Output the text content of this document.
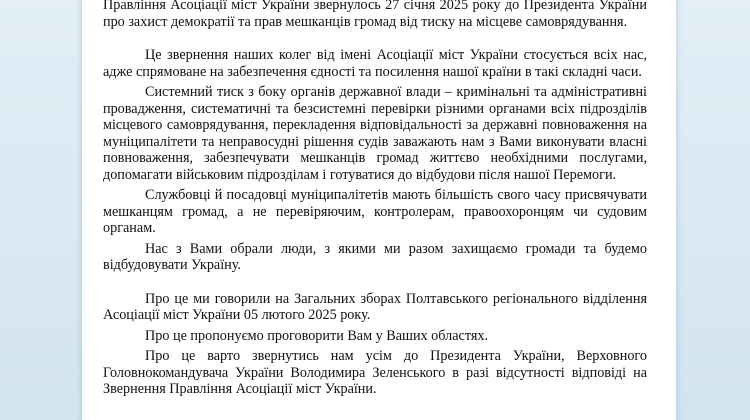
Правління Асоціації міст України звернулось 27 січня 2025 року до Президента України про захист демократії та прав мешканців громад від тиску на місцеве самоврядування.

Це звернення наших колег від імені Асоціації міст України стосується всіх нас, адже спрямоване на забезпечення єдності та посилення нашої країни в такі складні часи.

Системний тиск з боку органів державної влади – кримінальні та адміністративні провадження, систематичні та безсистемні перевірки різними органами всіх підрозділів місцевого самоврядування, перекладення відповідальності за державні повноваження на муніципалітети та неправосудні рішення судів заважають нам з Вами виконувати власні повноваження, забезпечувати мешканців громад життєво необхідними послугами, допомагати військовим підрозділам і готуватися до відбудови після нашої Перемоги.

Службовці й посадовці муніципалітетів мають більшість свого часу присвячувати мешканцям громад, а не перевіряючим, контролерам, правоохоронцям чи судовим органам.

Нас з Вами обрали люди, з якими ми разом захищаємо громади та будемо відбудовувати Україну.

Про це ми говорили на Загальних зборах Полтавського регіонального відділення Асоціації міст України 05 лютого 2025 року.

Про це пропонуємо проговорити Вам у Ваших областях.

Про це варто звернутись нам усім до Президента України, Верховного Головнокомандувача України Володимира Зеленського в разі відсутності відповіді на Звернення Правління Асоціації міст України.
